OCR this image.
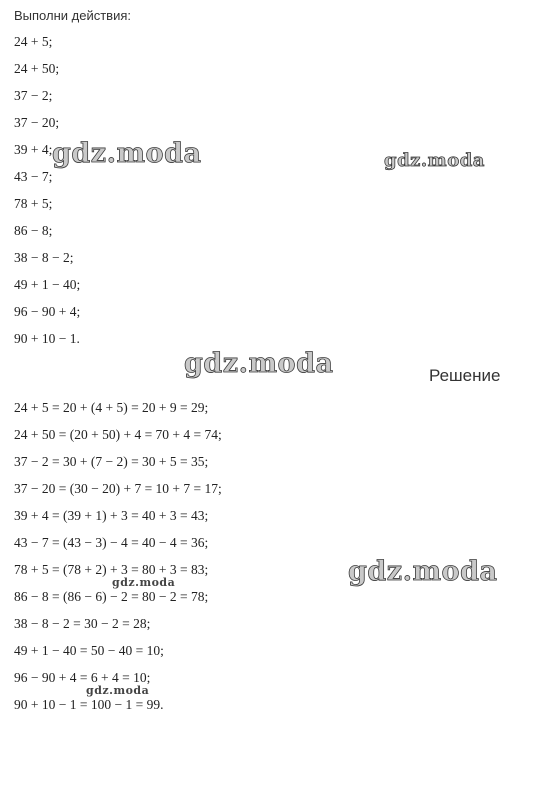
Выполни действия:
24 + 5;
24 + 50;
37 − 2;
37 − 20;
39 + 4;
43 − 7;
78 + 5;
86 − 8;
38 − 8 − 2;
49 + 1 − 40;
96 − 90 + 4;
90 + 10 − 1.
Решение
24 + 5 = 20 + (4 + 5) = 20 + 9 = 29;
24 + 50 = (20 + 50) + 4 = 70 + 4 = 74;
37 − 2 = 30 + (7 − 2) = 30 + 5 = 35;
37 − 20 = (30 − 20) + 7 = 10 + 7 = 17;
39 + 4 = (39 + 1) + 3 = 40 + 3 = 43;
43 − 7 = (43 − 3) − 4 = 40 − 4 = 36;
78 + 5 = (78 + 2) + 3 = 80 + 3 = 83;
86 − 8 = (86 − 6) − 2 = 80 − 2 = 78;
38 − 8 − 2 = 30 − 2 = 28;
49 + 1 − 40 = 50 − 40 = 10;
96 − 90 + 4 = 6 + 4 = 10;
90 + 10 − 1 = 100 − 1 = 99.
gdz.moda	gdz.moda
gdz.moda
gdz.moda
gdz.moda
gdz.moda
